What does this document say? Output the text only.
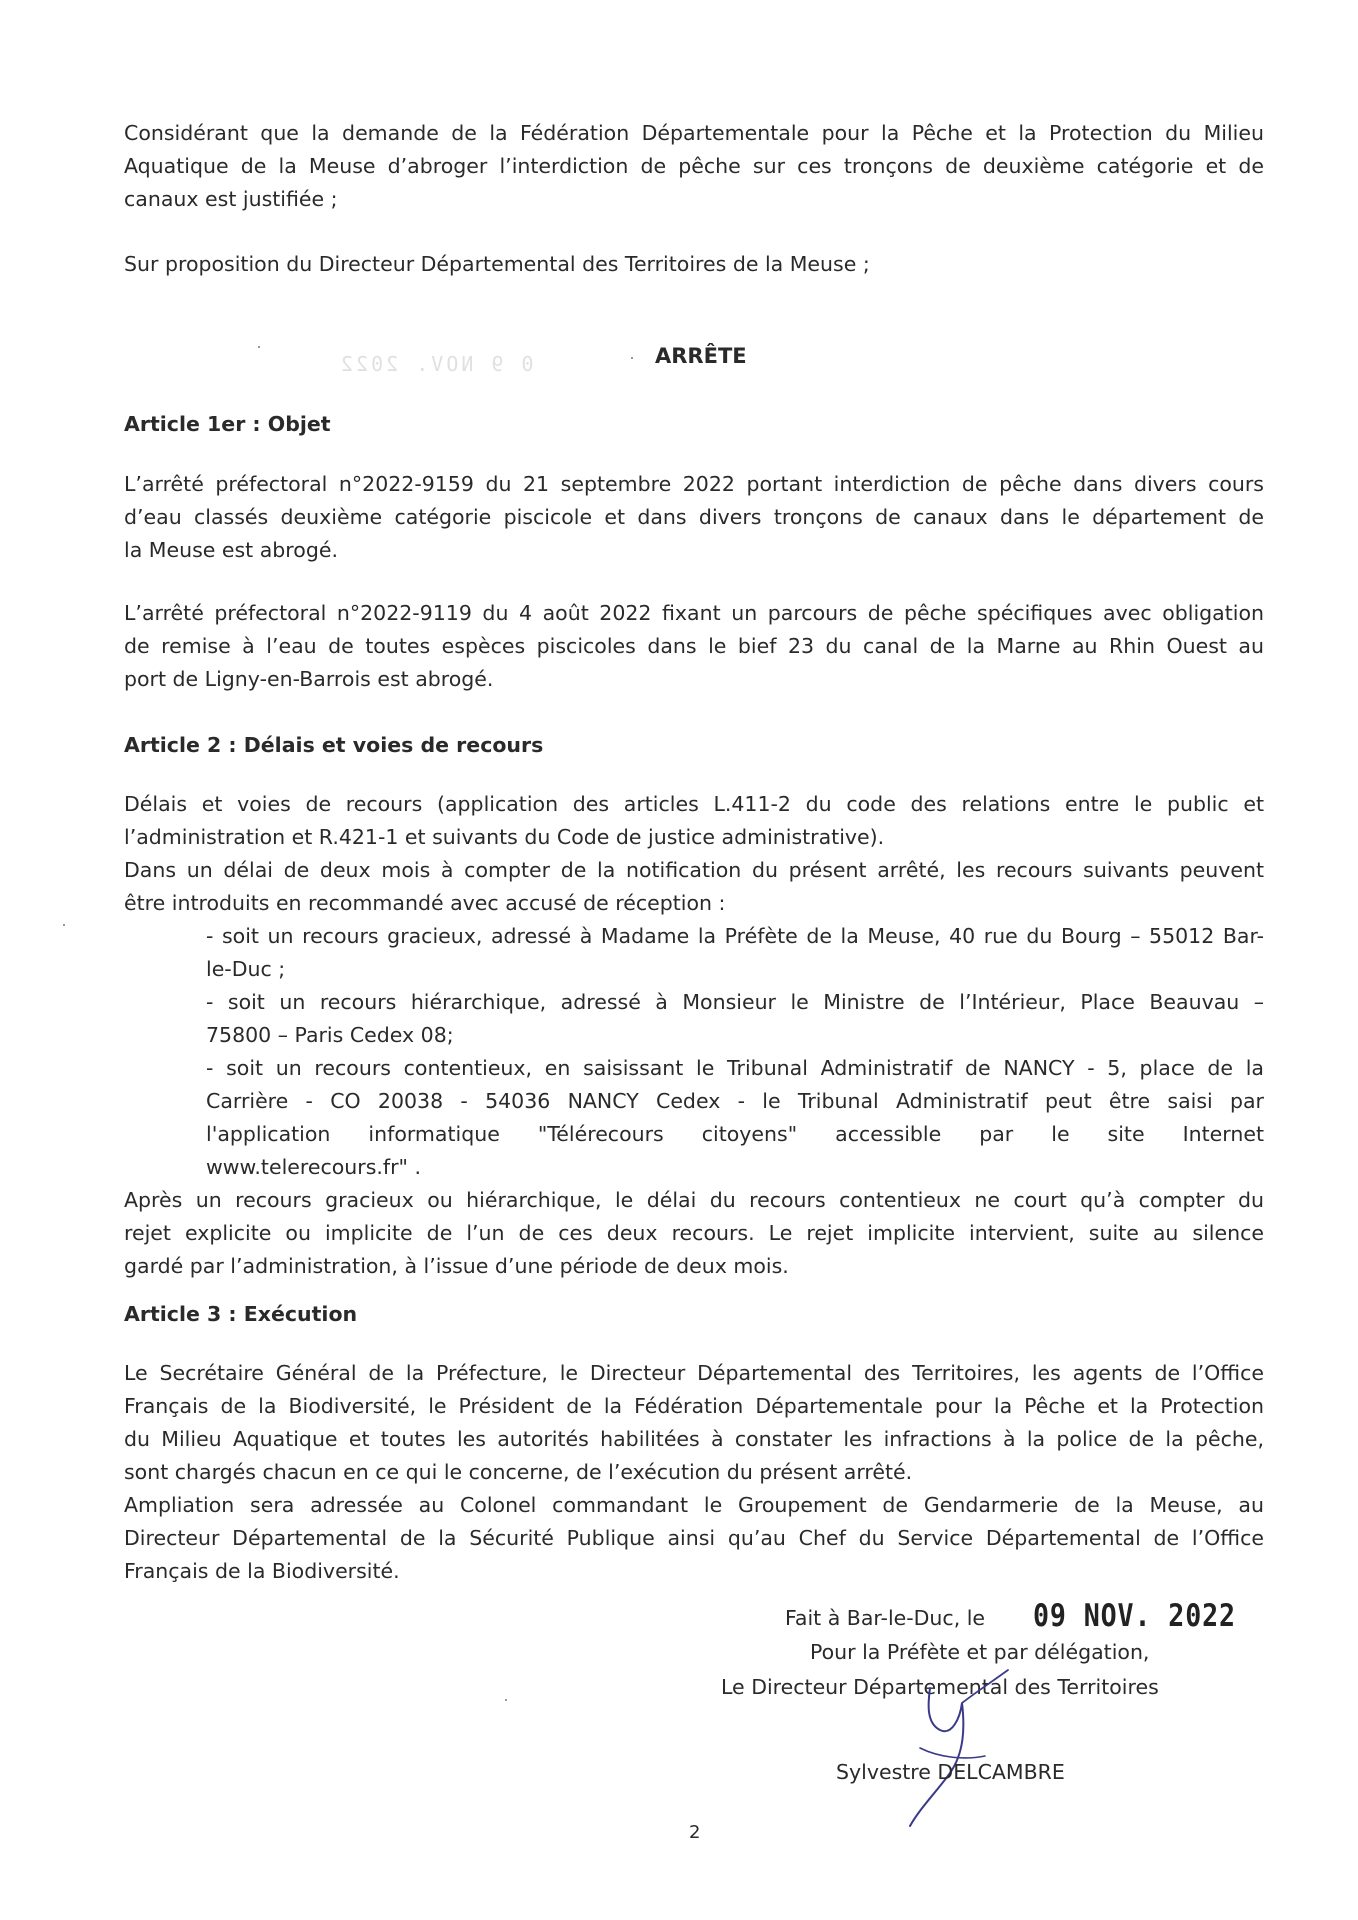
Considérant que la demande de la Fédération Départementale pour la Pêche et la Protection du Milieu
Aquatique de la Meuse d’abroger l’interdiction de pêche sur ces tronçons de deuxième catégorie et de
canaux est justifiée ;
Sur proposition du Directeur Départemental des Territoires de la Meuse ;
0 9 NOV. 2022	ARRÊTE
Article 1er : Objet
L’arrêté préfectoral n°2022-9159 du 21 septembre 2022 portant interdiction de pêche dans divers cours
d’eau classés deuxième catégorie piscicole et dans divers tronçons de canaux dans le département de
la Meuse est abrogé.
L’arrêté préfectoral n°2022-9119 du 4 août 2022 fixant un parcours de pêche spécifiques avec obligation
de remise à l’eau de toutes espèces piscicoles dans le bief 23 du canal de la Marne au Rhin Ouest au
port de Ligny-en-Barrois est abrogé.
Article 2 : Délais et voies de recours
Délais et voies de recours (application des articles L.411-2 du code des relations entre le public et
l’administration et R.421-1 et suivants du Code de justice administrative).
Dans un délai de deux mois à compter de la notification du présent arrêté, les recours suivants peuvent
être introduits en recommandé avec accusé de réception :
- soit un recours gracieux, adressé à Madame la Préfète de la Meuse, 40 rue du Bourg – 55012 Bar-
le-Duc ;
- soit un recours hiérarchique, adressé à Monsieur le Ministre de l’Intérieur, Place Beauvau –
75800 – Paris Cedex 08;
- soit un recours contentieux, en saisissant le Tribunal Administratif de NANCY - 5, place de la
Carrière - CO 20038 - 54036 NANCY Cedex - le Tribunal Administratif peut être saisi par
l'application informatique "Télérecours citoyens" accessible par le site Internet
www.telerecours.fr" .
Après un recours gracieux ou hiérarchique, le délai du recours contentieux ne court qu’à compter du
rejet explicite ou implicite de l’un de ces deux recours. Le rejet implicite intervient, suite au silence
gardé par l’administration, à l’issue d’une période de deux mois.
Article 3 : Exécution
Le Secrétaire Général de la Préfecture, le Directeur Départemental des Territoires, les agents de l’Office
Français de la Biodiversité, le Président de la Fédération Départementale pour la Pêche et la Protection
du Milieu Aquatique et toutes les autorités habilitées à constater les infractions à la police de la pêche,
sont chargés chacun en ce qui le concerne, de l’exécution du présent arrêté.
Ampliation sera adressée au Colonel commandant le Groupement de Gendarmerie de la Meuse, au
Directeur Départemental de la Sécurité Publique ainsi qu’au Chef du Service Départemental de l’Office
Français de la Biodiversité.
Fait à Bar-le-Duc, le 09 NOV. 2022
Pour la Préfète et par délégation,
Le Directeur Départemental des Territoires
Sylvestre DELCAMBRE
2
